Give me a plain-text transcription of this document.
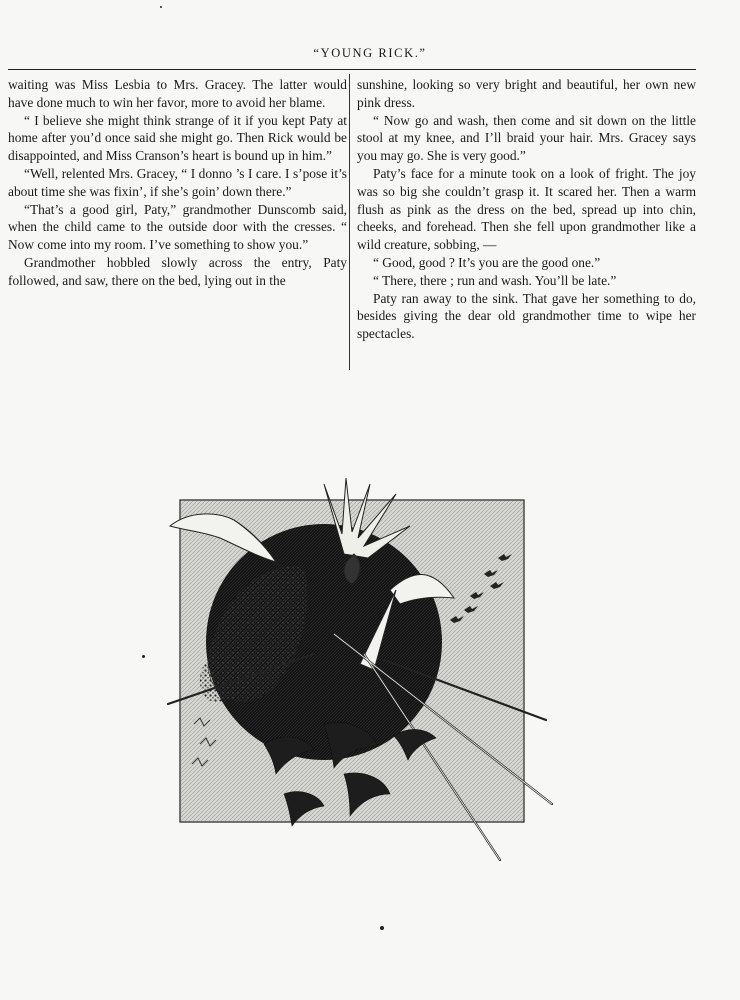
“YOUNG RICK.”

waiting was Miss Lesbia to Mrs. Gracey. The latter would have done much to win her favor, more to avoid her blame.

“ I believe she might think strange of it if you kept Paty at home after you’d once said she might go. Then Rick would be disappointed, and Miss Cranson’s heart is bound up in him.”

“Well, relented Mrs. Gracey, “ I donno ’s I care. I s’pose it’s about time she was fixin’, if she’s goin’ down there.”

“That’s a good girl, Paty,” grandmother Dunscomb said, when the child came to the outside door with the cresses. “ Now come into my room. I’ve something to show you.”

Grandmother hobbled slowly across the entry, Paty followed, and saw, there on the bed, lying out in the

sunshine, looking so very bright and beautiful, her own new pink dress.

“ Now go and wash, then come and sit down on the little stool at my knee, and I’ll braid your hair. Mrs. Gracey says you may go. She is very good.”

Paty’s face for a minute took on a look of fright. The joy was so big she couldn’t grasp it. It scared her. Then a warm flush as pink as the dress on the bed, spread up into chin, cheeks, and forehead. Then she fell upon grandmother like a wild creature, sobbing, —

“ Good, good ? It’s you are the good one.”

“ There, there ; run and wash. You’ll be late.”

Paty ran away to the sink. That gave her something to do, besides giving the dear old grandmother time to wipe her spectacles.
